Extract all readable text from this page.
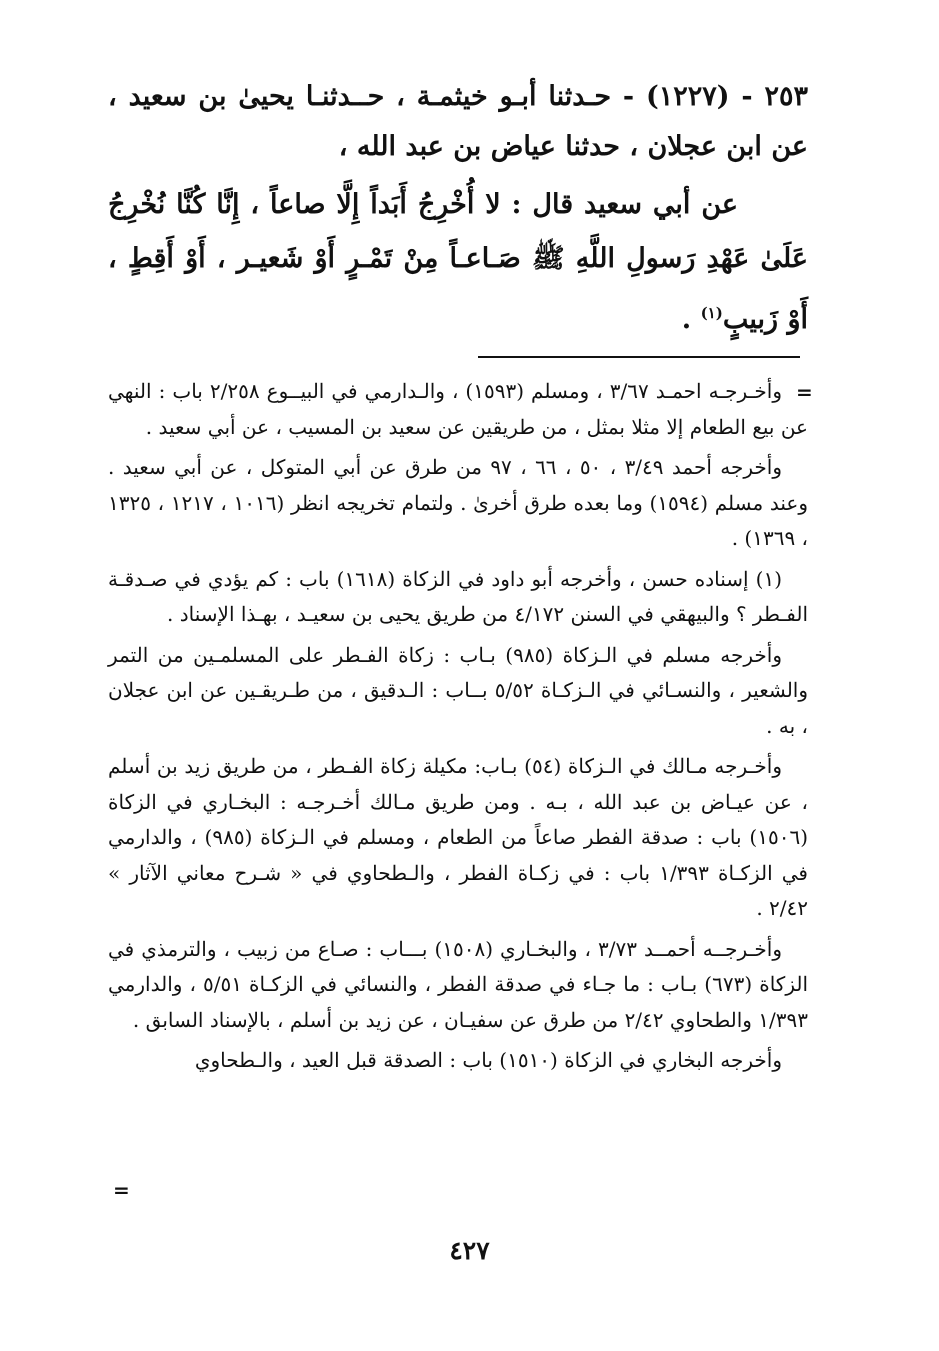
٢٥٣ - (١٢٢٧) - حـدثنا أبـو خيثمـة ، حــدثنـا يحيىٰ بن سعيد ، عن ابن عجلان ، حدثنا عياض بن عبد الله ،

عن أبي سعيد قال : لا أُخْرِجُ أَبَداً إِلَّا صاعاً ، إِنَّا كُنَّا نُخْرِجُ عَلَىٰ عَهْدِ رَسولِ اللَّهِ ﷺ صَـاعـاً مِنْ تَمْـرٍ أَوْ شَعيـر ، أَوْ أَقِطٍ ، أَوْ زَبيبٍ$^{(١)}$ .

=

وأخـرجـه احمـد ٣/٦٧ ، ومسلم (١٥٩٣) ، والـدارمي في البيــوع ٢/٢٥٨ باب : النهي عن بيع الطعام إلا مثلا بمثل ، من طريقين عن سعيد بن المسيب ، عن أبي سعيد .

وأخرجه أحمد ٣/٤٩ ، ٥٠ ، ٦٦ ، ٩٧ من طرق عن أبي المتوكل ، عن أبي سعيد . وعند مسلم (١٥٩٤) وما بعده طرق أخرىٰ . ولتمام تخريجه انظر (١٠١٦ ، ١٢١٧ ، ١٣٢٥ ، ١٣٦٩) .

(١) إسناده حسن ، وأخرجه أبو داود في الزكاة (١٦١٨) باب : كم يؤدي في صـدقـة الفـطر ؟ والبيهقي في السنن ٤/١٧٢ من طريق يحيى بن سعيـد ، بهـذا الإسناد .

وأخرجه مسلم في الـزكاة (٩٨٥) بـاب : زكاة الفـطر على المسلمـين من التمر والشعير ، والنسـائي في الـزكـاة ٥/٥٢ بــاب : الـدقيق ، من طـريقـين عن ابن عجلان ، به .

وأخـرجه مـالك في الـزكاة (٥٤) بـاب: مكيلة زكاة الفـطر ، من طريق زيد بن أسلم ، عن عيـاض بن عبد الله ، بـه . ومن طريق مـالك أخـرجـه : البخـاري في الزكاة (١٥٠٦) باب : صدقة الفطر صاعاً من الطعام ، ومسلم في الـزكاة (٩٨٥) ، والدارمي في الزكـاة ١/٣٩٣ باب : في زكـاة الفطر ، والـطحاوي في « شـرح معاني الآثار » ٢/٤٢ .

وأخـرجــه أحمــد ٣/٧٣ ، والبخـاري (١٥٠٨) بـــاب : صـاع من زبيب ، والترمذي في الزكاة (٦٧٣) بـاب : ما جـاء في صدقة الفطر ، والنسائي في الزكـاة ٥/٥١ ، والدارمي ١/٣٩٣ والطحاوي ٢/٤٢ من طرق عن سفيـان ، عن زيد بن أسلم ، بالإسناد السابق .

وأخرجه البخاري في الزكاة (١٥١٠) باب : الصدقة قبل العيد ، والـطحاوي

=
٤٢٧
